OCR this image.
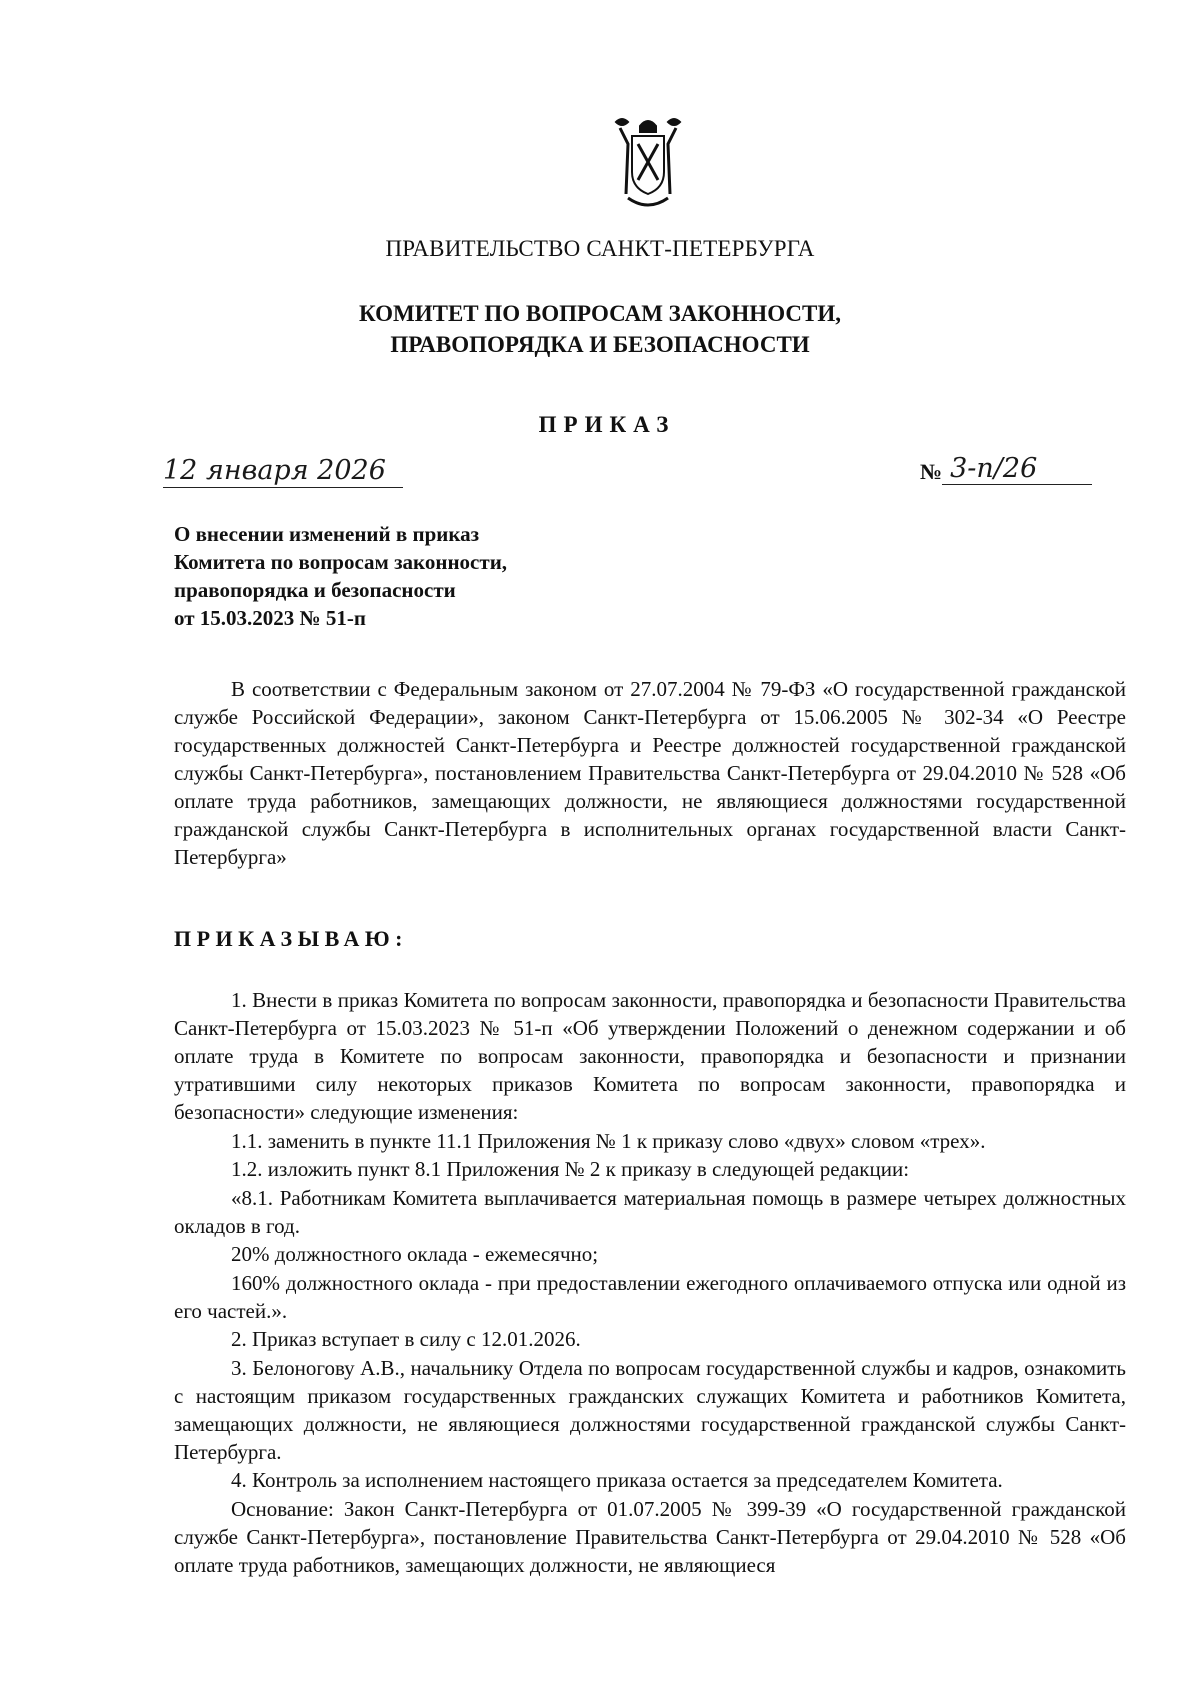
ПРАВИТЕЛЬСТВО САНКТ-ПЕТЕРБУРГА
КОМИТЕТ ПО ВОПРОСАМ ЗАКОННОСТИ,
ПРАВОПОРЯДКА И БЕЗОПАСНОСТИ
ПРИКАЗ
12 января 2026	№ 3-п/26
О внесении изменений в приказ
Комитета по вопросам законности,
правопорядка и безопасности
от 15.03.2023 № 51-п

В соответствии с Федеральным законом от 27.07.2004 № 79-ФЗ «О государственной гражданской службе Российской Федерации», законом Санкт-Петербурга от 15.06.2005 № 302-34 «О Реестре государственных должностей Санкт-Петербурга и Реестре должностей государственной гражданской службы Санкт-Петербурга», постановлением Правительства Санкт-Петербурга от 29.04.2010 № 528 «Об оплате труда работников, замещающих должности, не являющиеся должностями государственной гражданской службы Санкт-Петербурга в исполнительных органах государственной власти Санкт-Петербурга»

ПРИКАЗЫВАЮ:

1. Внести в приказ Комитета по вопросам законности, правопорядка и безопасности Правительства Санкт-Петербурга от 15.03.2023 № 51-п «Об утверждении Положений о денежном содержании и об оплате труда в Комитете по вопросам законности, правопорядка и безопасности и признании утратившими силу некоторых приказов Комитета по вопросам законности, правопорядка и безопасности» следующие изменения:

1.1. заменить в пункте 11.1 Приложения № 1 к приказу слово «двух» словом «трех».

1.2. изложить пункт 8.1 Приложения № 2 к приказу в следующей редакции:

«8.1. Работникам Комитета выплачивается материальная помощь в размере четырех должностных окладов в год.

20% должностного оклада - ежемесячно;

160% должностного оклада - при предоставлении ежегодного оплачиваемого отпуска или одной из его частей.».

2. Приказ вступает в силу с 12.01.2026.

3. Белоногову А.В., начальнику Отдела по вопросам государственной службы и кадров, ознакомить с настоящим приказом государственных гражданских служащих Комитета и работников Комитета, замещающих должности, не являющиеся должностями государственной гражданской службы Санкт-Петербурга.

4. Контроль за исполнением настоящего приказа остается за председателем Комитета.

Основание: Закон Санкт-Петербурга от 01.07.2005 № 399-39 «О государственной гражданской службе Санкт-Петербурга», постановление Правительства Санкт-Петербурга от 29.04.2010 № 528 «Об оплате труда работников, замещающих должности, не являющиеся
